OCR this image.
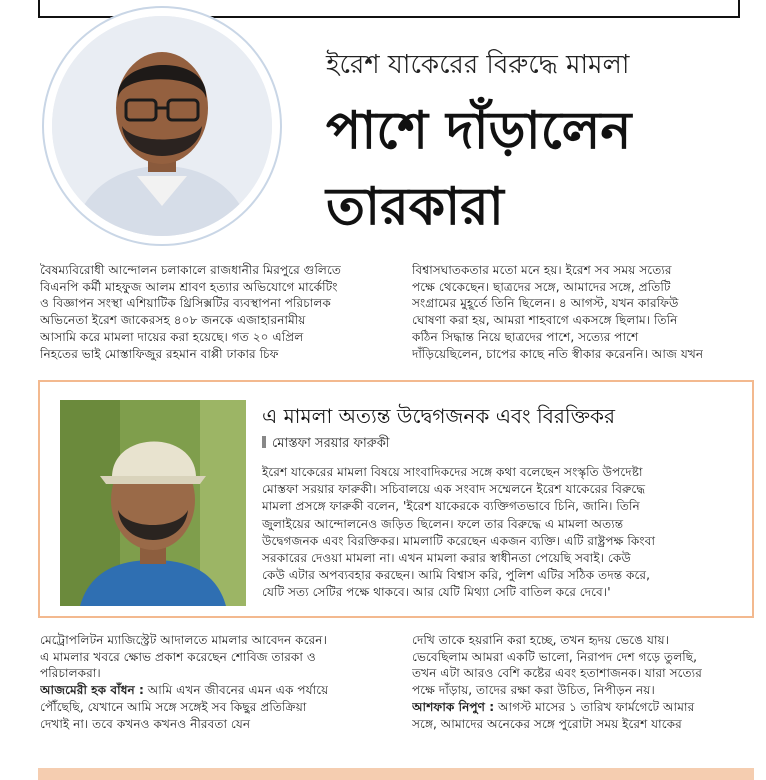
ইরেশ যাকেরের বিরুদ্ধে মামলা
পাশে দাঁড়ালেন
তারকারা

বৈষম্যবিরোধী আন্দোলন চলাকালে রাজধানীর মিরপুরে গুলিতে

বিএনপি কর্মী মাহফুজ আলম শ্রাবণ হত্যার অভিযোগে মার্কেটিং

ও বিজ্ঞাপন সংস্থা এশিয়াটিক থ্রিসিক্সটির ব্যবস্থাপনা পরিচালক

অভিনেতা ইরেশ জাকেরসহ ৪০৮ জনকে এজাহারনামীয়

আসামি করে মামলা দায়ের করা হয়েছে। গত ২০ এপ্রিল

নিহতের ভাই মোস্তাফিজুর রহমান বাপ্পী ঢাকার চিফ

বিশ্বাসঘাতকতার মতো মনে হয়। ইরেশ সব সময় সত্যের

পক্ষে থেকেছেন। ছাত্রদের সঙ্গে, আমাদের সঙ্গে, প্রতিটি

সংগ্রামের মুহূর্তে তিনি ছিলেন। ৪ আগস্ট, যখন কারফিউ

ঘোষণা করা হয়, আমরা শাহবাগে একসঙ্গে ছিলাম। তিনি

কঠিন সিদ্ধান্ত নিয়ে ছাত্রদের পাশে, সত্যের পাশে

দাঁড়িয়েছিলেন, চাপের কাছে নতি স্বীকার করেননি। আজ যখন

এ মামলা অত্যন্ত উদ্বেগজনক এবং বিরক্তিকর
মোস্তফা সরয়ার ফারুকী

ইরেশ যাকেরের মামলা বিষয়ে সাংবাদিকদের সঙ্গে কথা বলেছেন সংস্কৃতি উপদেষ্টা

মোস্তফা সরয়ার ফারুকী। সচিবালয়ে এক সংবাদ সম্মেলনে ইরেশ যাকেরের বিরুদ্ধে

মামলা প্রসঙ্গে ফারুকী বলেন, 'ইরেশ যাকেরকে ব্যক্তিগতভাবে চিনি, জানি। তিনি

জুলাইয়ের আন্দোলনেও জড়িত ছিলেন। ফলে তার বিরুদ্ধে এ মামলা অত্যন্ত

উদ্বেগজনক এবং বিরক্তিকর। মামলাটি করেছেন একজন ব্যক্তি। এটি রাষ্ট্রপক্ষ কিংবা

সরকারের দেওয়া মামলা না। এখন মামলা করার স্বাধীনতা পেয়েছি সবাই। কেউ

কেউ এটার অপব্যবহার করছেন। আমি বিশ্বাস করি, পুলিশ এটির সঠিক তদন্ত করে,

যেটি সত্য সেটির পক্ষে থাকবে। আর যেটি মিথ্যা সেটি বাতিল করে দেবে।'

মেট্রোপলিটন ম্যাজিস্ট্রেট আদালতে মামলার আবেদন করেন।

এ মামলার খবরে ক্ষোভ প্রকাশ করেছেন শোবিজ তারকা ও

পরিচালকরা।

আজমেরী হক বাঁধন : আমি এখন জীবনের এমন এক পর্যায়ে

পৌঁছেছি, যেখানে আমি সঙ্গে সঙ্গেই সব কিছুর প্রতিক্রিয়া

দেখাই না। তবে কখনও কখনও নীরবতা যেন

দেখি তাকে হয়রানি করা হচ্ছে, তখন হৃদয় ভেঙে যায়।

ভেবেছিলাম আমরা একটি ভালো, নিরাপদ দেশ গড়ে তুলছি,

তখন এটা আরও বেশি কষ্টের এবং হতাশাজনক। যারা সত্যের

পক্ষে দাঁড়ায়, তাদের রক্ষা করা উচিত, নিপীড়ন নয়।

আশফাক নিপুণ : আগস্ট মাসের ১ তারিখ ফার্মগেটে আমার

সঙ্গে, আমাদের অনেকের সঙ্গে পুরোটা সময় ইরেশ যাকের
